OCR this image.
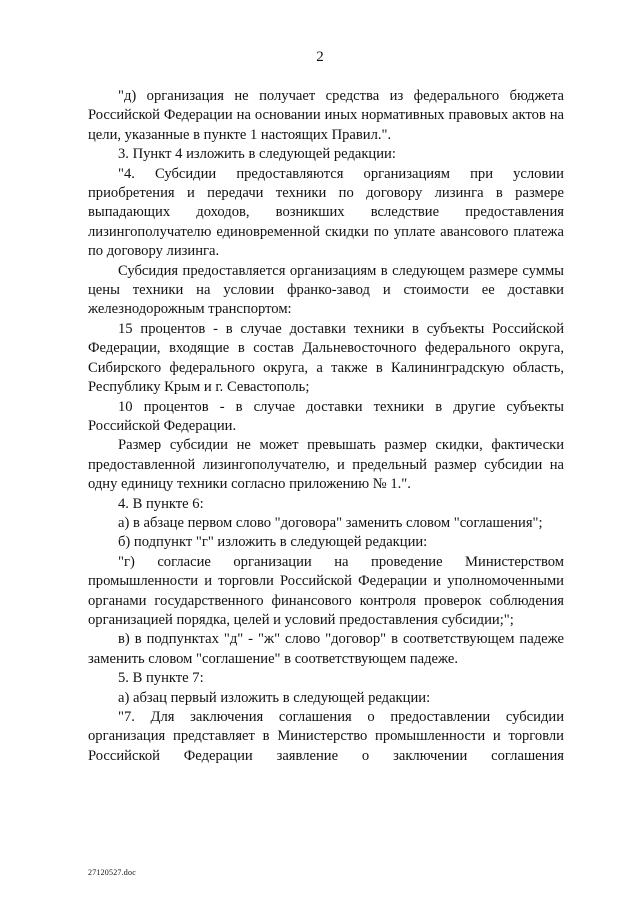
2

"д) организация не получает средства из федерального бюджета Российской Федерации на основании иных нормативных правовых актов на цели, указанные в пункте 1 настоящих Правил.".

3. Пункт 4 изложить в следующей редакции:

"4. Субсидии предоставляются организациям при условии приобретения и передачи техники по договору лизинга в размере выпадающих доходов, возникших вследствие предоставления лизингополучателю единовременной скидки по уплате авансового платежа по договору лизинга.

Субсидия предоставляется организациям в следующем размере суммы цены техники на условии франко-завод и стоимости ее доставки железнодорожным транспортом:

15 процентов - в случае доставки техники в субъекты Российской Федерации, входящие в состав Дальневосточного федерального округа, Сибирского федерального округа, а также в Калининградскую область, Республику Крым и г. Севастополь;

10 процентов - в случае доставки техники в другие субъекты Российской Федерации.

Размер субсидии не может превышать размер скидки, фактически предоставленной лизингополучателю, и предельный размер субсидии на одну единицу техники согласно приложению № 1.".

4. В пункте 6:

а) в абзаце первом слово "договора" заменить словом "соглашения";

б) подпункт "г" изложить в следующей редакции:

"г) согласие организации на проведение Министерством промышленности и торговли Российской Федерации и уполномоченными органами государственного финансового контроля проверок соблюдения организацией порядка, целей и условий предоставления субсидии;";

в) в подпунктах "д" - "ж" слово "договор" в соответствующем падеже заменить словом "соглашение" в соответствующем падеже.

5. В пункте 7:

а) абзац первый изложить в следующей редакции:

"7. Для заключения соглашения о предоставлении субсидии организация представляет в Министерство промышленности и торговли Российской Федерации заявление о заключении соглашения

27120527.doc
